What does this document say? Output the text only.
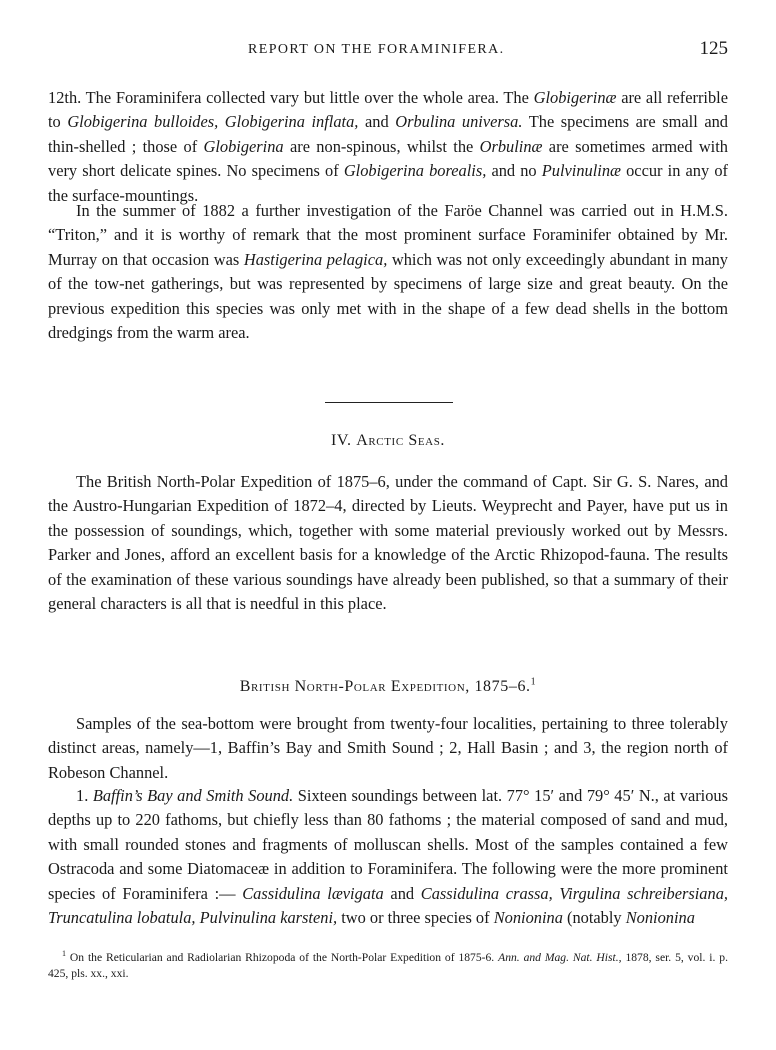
REPORT ON THE FORAMINIFERA.	125

12th. The Foraminifera collected vary but little over the whole area. The Globigerinæ are all referrible to Globigerina bulloides, Globigerina inflata, and Orbulina universa. The specimens are small and thin-shelled ; those of Globigerina are non-spinous, whilst the Orbulinæ are sometimes armed with very short delicate spines. No specimens of Globigerina borealis, and no Pulvinulinæ occur in any of the surface-mountings.

In the summer of 1882 a further investigation of the Faröe Channel was carried out in H.M.S. “Triton,” and it is worthy of remark that the most prominent surface Foraminifer obtained by Mr. Murray on that occasion was Hastigerina pelagica, which was not only exceedingly abundant in many of the tow-net gatherings, but was represented by specimens of large size and great beauty. On the previous expedition this species was only met with in the shape of a few dead shells in the bottom dredgings from the warm area.

IV. Arctic Seas.

The British North-Polar Expedition of 1875–6, under the command of Capt. Sir G. S. Nares, and the Austro-Hungarian Expedition of 1872–4, directed by Lieuts. Weyprecht and Payer, have put us in the possession of soundings, which, together with some material previously worked out by Messrs. Parker and Jones, afford an excellent basis for a knowledge of the Arctic Rhizopod-fauna. The results of the examination of these various soundings have already been published, so that a summary of their general characters is all that is needful in this place.

British North-Polar Expedition, 1875–6.$^1$

Samples of the sea-bottom were brought from twenty-four localities, pertaining to three tolerably distinct areas, namely—1, Baffin’s Bay and Smith Sound ; 2, Hall Basin ; and 3, the region north of Robeson Channel.

1. Baffin’s Bay and Smith Sound. Sixteen soundings between lat. 77° 15′ and 79° 45′ N., at various depths up to 220 fathoms, but chiefly less than 80 fathoms ; the material composed of sand and mud, with small rounded stones and fragments of molluscan shells. Most of the samples contained a few Ostracoda and some Diatomaceæ in addition to Foraminifera. The following were the more prominent species of Foraminifera :— Cassidulina lævigata and Cassidulina crassa, Virgulina schreibersiana, Truncatulina lobatula, Pulvinulina karsteni, two or three species of Nonionina (notably Nonionina

$^1$ On the Reticularian and Radiolarian Rhizopoda of the North-Polar Expedition of 1875-6. Ann. and Mag. Nat. Hist., 1878, ser. 5, vol. i. p. 425, pls. xx., xxi.
